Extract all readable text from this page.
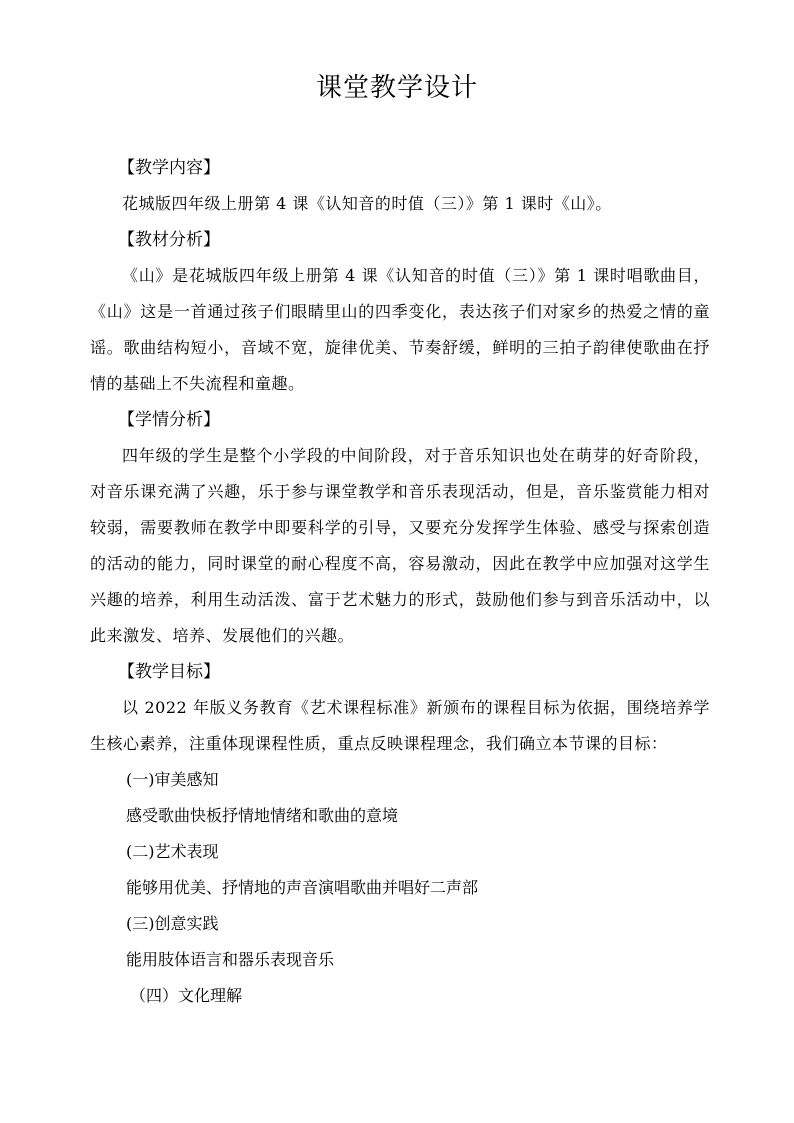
课堂教学设计
【教学内容】

花城版四年级上册第 4 课《认知音的时值（三）》第 1 课时《山》。

【教材分析】

《山》是花城版四年级上册第 4 课《认知音的时值（三）》第 1 课时唱歌曲目，《山》这是一首通过孩子们眼睛里山的四季变化，表达孩子们对家乡的热爱之情的童谣。歌曲结构短小，音域不宽，旋律优美、节奏舒缓，鲜明的三拍子韵律使歌曲在抒情的基础上不失流程和童趣。

【学情分析】

四年级的学生是整个小学段的中间阶段，对于音乐知识也处在萌芽的好奇阶段，对音乐课充满了兴趣，乐于参与课堂教学和音乐表现活动，但是，音乐鉴赏能力相对较弱，需要教师在教学中即要科学的引导，又要充分发挥学生体验、感受与探索创造的活动的能力，同时课堂的耐心程度不高，容易激动，因此在教学中应加强对这学生兴趣的培养，利用生动活泼、富于艺术魅力的形式，鼓励他们参与到音乐活动中，以此来激发、培养、发展他们的兴趣。

【教学目标】

以 2022 年版义务教育《艺术课程标准》新颁布的课程目标为依据，围绕培养学生核心素养，注重体现课程性质，重点反映课程理念，我们确立本节课的目标：

(一)审美感知
感受歌曲快板抒情地情绪和歌曲的意境
(二)艺术表现
能够用优美、抒情地的声音演唱歌曲并唱好二声部
(三)创意实践
能用肢体语言和器乐表现音乐
（四）文化理解
